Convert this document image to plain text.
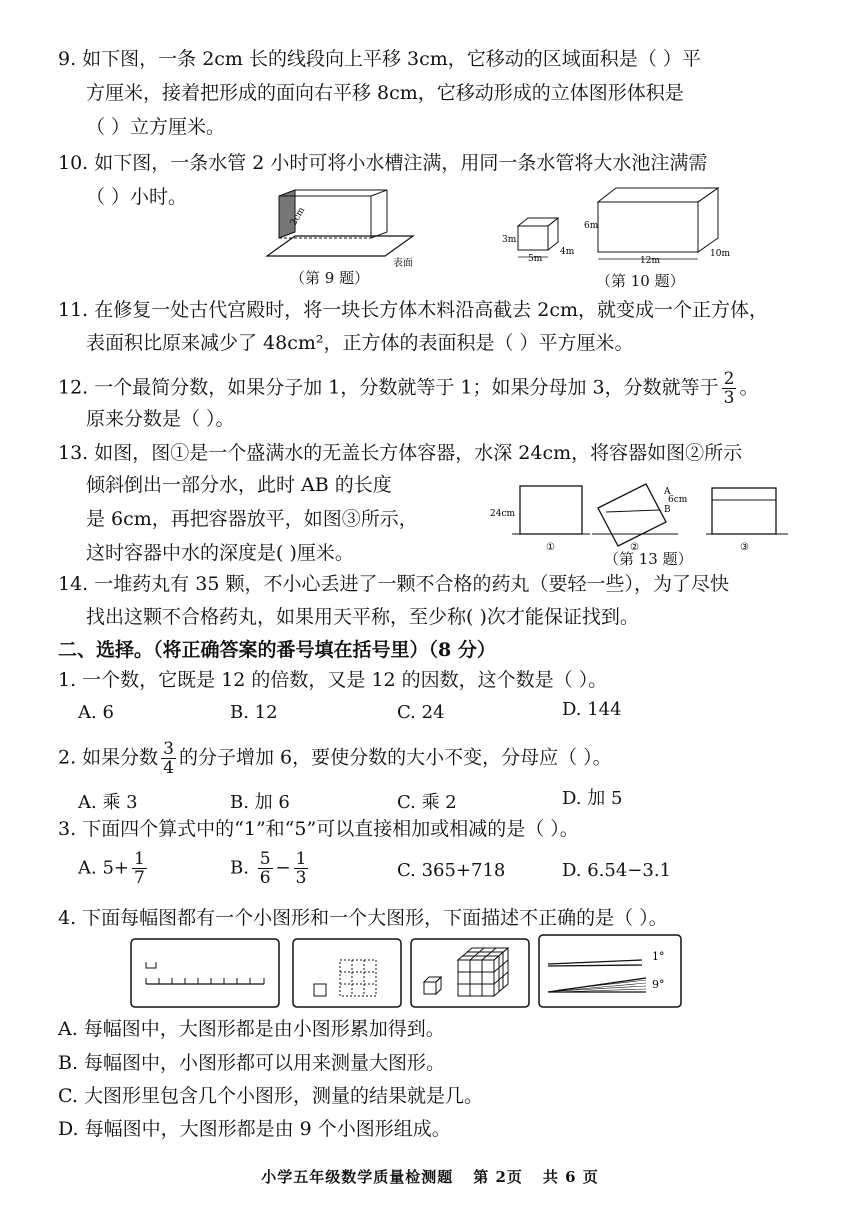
9. 如下图，一条 2cm 长的线段向上平移 3cm，它移动的区域面积是（ ）平
方厘米，接着把形成的面向右平移 8cm，它移动形成的立体图形体积是
（ ）立方厘米。
10. 如下图，一条水管 2 小时可将小水槽注满，用同一条水管将大水池注满需
（ ）小时。
2cm
表面
（第 9 题）
3m
5m
4m
6m
12m
10m
（第 10 题）
11. 在修复一处古代宫殿时，将一块长方体木料沿高截去 2cm，就变成一个正方体，
表面积比原来减少了 48cm²，正方体的表面积是（ ）平方厘米。
12. 一个最简分数，如果分子加 1，分数就等于 1；如果分母加 3，分数就等于 $\frac{2}{3}$ 。
原来分数是（ ）。
13. 如图，图①是一个盛满水的无盖长方体容器，水深 24cm，将容器如图②所示
倾斜倒出一部分水，此时 AB 的长度
是 6cm，再把容器放平，如图③所示，
这时容器中水的深度是( )厘米。
24cm
①
A
6cm
B
②	③
（第 13 题）
14. 一堆药丸有 35 颗，不小心丢进了一颗不合格的药丸（要轻一些），为了尽快
找出这颗不合格药丸，如果用天平称，至少称( )次才能保证找到。
二、选择。（将正确答案的番号填在括号里）（8 分）
1. 一个数，它既是 12 的倍数，又是 12 的因数，这个数是（ ）。
A. 6	B. 12	C. 24	D. 144
2. 如果分数 $\frac{3}{4}$ 的分子增加 6，要使分数的大小不变，分母应（ ）。
A. 乘 3	B. 加 6	C. 乘 2	D. 加 5
3. 下面四个算式中的“1”和“5”可以直接相加或相减的是（ ）。
A. $5+ \frac{1}{7}$	B. $\frac{5}{6} - \frac{1}{3}$	C. 365+718	D. 6.54−3.1
4. 下面每幅图都有一个小图形和一个大图形，下面描述不正确的是（ ）。
1°
9°
A. 每幅图中，大图形都是由小图形累加得到。
B. 每幅图中，小图形都可以用来测量大图形。
C. 大图形里包含几个小图形，测量的结果就是几。
D. 每幅图中，大图形都是由 9 个小图形组成。
小学五年级数学质量检测题 第 2页 共 6 页
